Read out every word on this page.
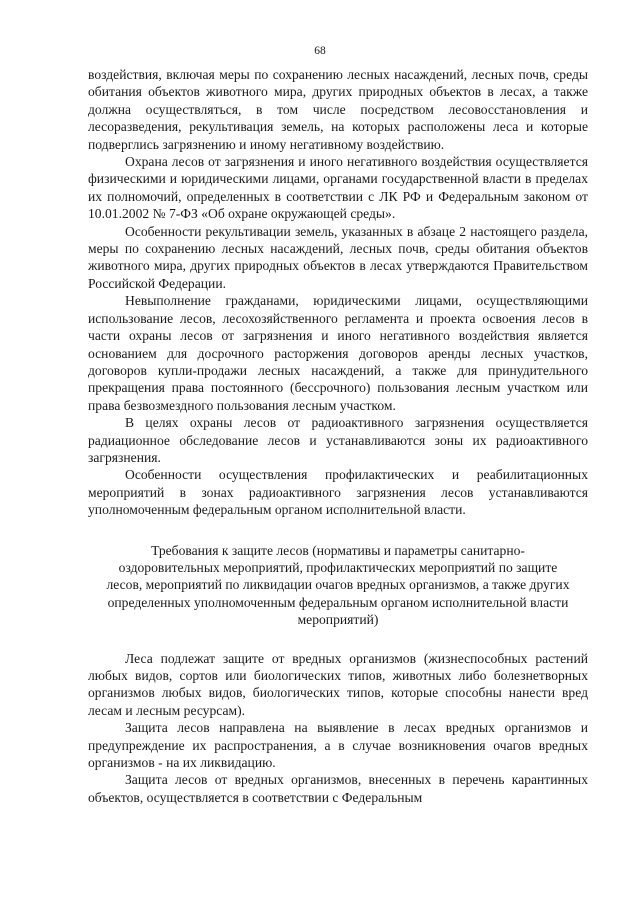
68

воздействия, включая меры по сохранению лесных насаждений, лесных почв, среды обитания объектов животного мира, других природных объектов в лесах, а также должна осуществляться, в том числе посредством лесовосстановления и лесоразведения, рекультивация земель, на которых расположены леса и которые подверглись загрязнению и иному негативному воздействию.

Охрана лесов от загрязнения и иного негативного воздействия осуществляется физическими и юридическими лицами, органами государственной власти в пределах их полномочий, определенных в соответствии с ЛК РФ и Федеральным законом от 10.01.2002 № 7-ФЗ «Об охране окружающей среды».

Особенности рекультивации земель, указанных в абзаце 2 настоящего раздела, меры по сохранению лесных насаждений, лесных почв, среды обитания объектов животного мира, других природных объектов в лесах утверждаются Правительством Российской Федерации.

Невыполнение гражданами, юридическими лицами, осуществляющими использование лесов, лесохозяйственного регламента и проекта освоения лесов в части охраны лесов от загрязнения и иного негативного воздействия является основанием для досрочного расторжения договоров аренды лесных участков, договоров купли-продажи лесных насаждений, а также для принудительного прекращения права постоянного (бессрочного) пользования лесным участком или права безвозмездного пользования лесным участком.

В целях охраны лесов от радиоактивного загрязнения осуществляется радиационное обследование лесов и устанавливаются зоны их радиоактивного загрязнения.

Особенности осуществления профилактических и реабилитационных мероприятий в зонах радиоактивного загрязнения лесов устанавливаются уполномоченным федеральным органом исполнительной власти.

Требования к защите лесов (нормативы и параметры санитарно-оздоровительных мероприятий, профилактических мероприятий по защите лесов, мероприятий по ликвидации очагов вредных организмов, а также других определенных уполномоченным федеральным органом исполнительной власти мероприятий)

Леса подлежат защите от вредных организмов (жизнеспособных растений любых видов, сортов или биологических типов, животных либо болезнетворных организмов любых видов, биологических типов, которые способны нанести вред лесам и лесным ресурсам).

Защита лесов направлена на выявление в лесах вредных организмов и предупреждение их распространения, а в случае возникновения очагов вредных организмов - на их ликвидацию.

Защита лесов от вредных организмов, внесенных в перечень карантинных объектов, осуществляется в соответствии с Федеральным
